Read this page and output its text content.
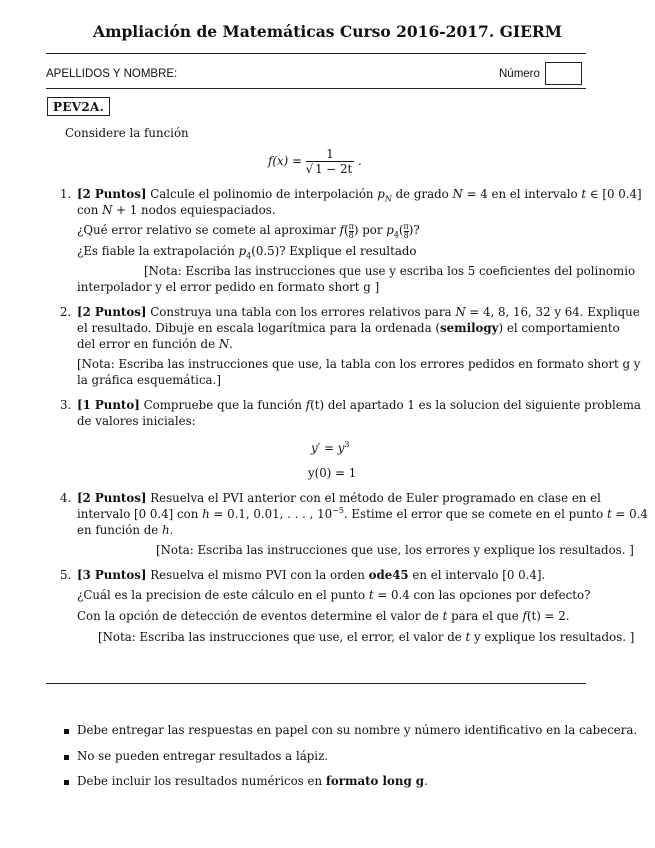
Ampliación de Matemáticas Curso 2016-2017. GIERM
APELLIDOS Y NOMBRE:	Número
PEV2A.
Considere la función
$f(x) = \frac{1}{√ 1 - 2t}$ .
1. [2 Puntos] Calcule el polinomio de interpolación $p_N$ de grado N = 4 en el intervalo t ∈ [0 0.4]
con N + 1 nodos equiespaciados.
¿Qué error relativo se comete al aproximar $f( \frac{\pi}{8}$ ) por $p_4( \frac{\pi}{8}$ )?
¿Es fiable la extrapolación $p_4(0.5)$? Explique el resultado
[Nota: Escriba las instrucciones que use y escriba los 5 coeficientes del polinomio
interpolador y el error pedido en formato short g ]
2. [2 Puntos] Construya una tabla con los errores relativos para N = 4, 8, 16, 32 y 64. Explique
el resultado. Dibuje en escala logarítmica para la ordenada (semilogy) el comportamiento
del error en función de N.
[Nota: Escriba las instrucciones que use, la tabla con los errores pedidos en formato short g y
la gráfica esquemática.]
3. [1 Punto] Compruebe que la función f(t) del apartado 1 es la solucion del siguiente problema
de valores iniciales:
$y' = y^3$
y(0) = 1
4. [2 Puntos] Resuelva el PVI anterior con el método de Euler programado en clase en el
intervalo [0 0.4] con h = 0.1, 0.01, . . . , $10^{-5}$. Estime el error que se comete en el punto t = 0.4
en función de h.
[Nota: Escriba las instrucciones que use, los errores y explique los resultados. ]
5. [3 Puntos] Resuelva el mismo PVI con la orden ode45 en el intervalo [0 0.4].
¿Cuál es la precision de este cálculo en el punto t = 0.4 con las opciones por defecto?
Con la opción de detección de eventos determine el valor de t para el que f(t) = 2.
[Nota: Escriba las instrucciones que use, el error, el valor de t y explique los resultados. ]
Debe entregar las respuestas en papel con su nombre y número identificativo en la cabecera.
No se pueden entregar resultados a lápiz.
Debe incluir los resultados numéricos en formato long g.
